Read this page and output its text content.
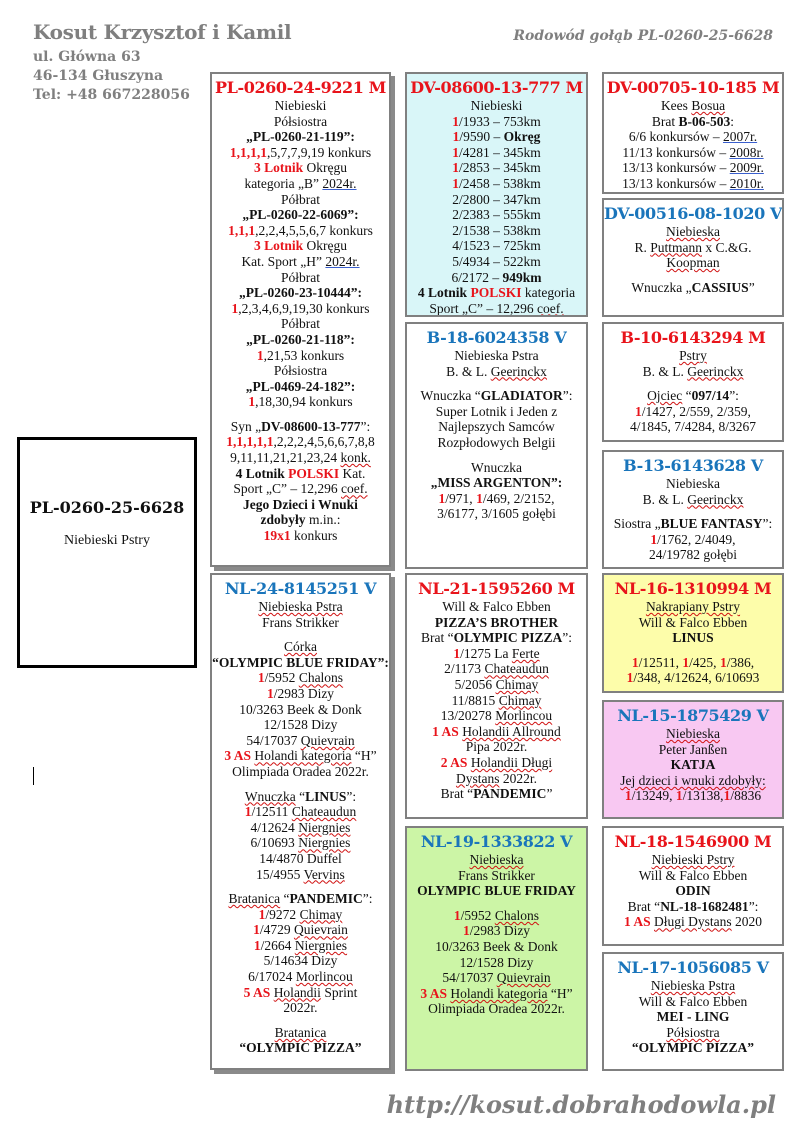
Kosut Krzysztof i Kamil
ul. Główna 63
46-134 Głuszyna
Tel: +48 667228056
Rodowód gołąb PL-0260-25-6628
PL-0260-25-6628
Niebieski Pstry
PL-0260-24-9221 M
Niebieski
Półsiostra
„PL-0260-21-119”:
1,1,1,1,5,7,7,9,19 konkurs
3 Lotnik Okręgu
kategoria „B” 2024r.
Półbrat
„PL-0260-22-6069”:
1,1,1,2,2,4,5,5,6,7 konkurs
3 Lotnik Okręgu
Kat. Sport „H” 2024r.
Półbrat
„PL-0260-23-10444”:
1,2,3,4,6,9,19,30 konkurs
Półbrat
„PL-0260-21-118”:
1,21,53 konkurs
Półsiostra
„PL-0469-24-182”:
1,18,30,94 konkurs
Syn „DV-08600-13-777”:
1,1,1,1,1,2,2,2,4,5,6,6,7,8,8
9,11,11,21,21,23,24 konk.
4 Lotnik POLSKI Kat.
Sport „C” – 12,296 coef.
Jego Dzieci i Wnuki
zdobyły m.in.:
19x1 konkurs
NL-24-8145251 V
Niebieska Pstra
Frans Strikker
Córka
“OLYMPIC BLUE FRIDAY”:
1/5952 Chalons
1/2983 Dizy
10/3263 Beek & Donk
12/1528 Dizy
54/17037 Quievrain
3 AS Holandi kategoria “H”
Olimpiada Oradea 2022r.
Wnuczka “LINUS”:
1/12511 Chateaudun
4/12624 Niergnies
6/10693 Niergnies
14/4870 Duffel
15/4955 Vervins
Bratanica “PANDEMIC”:
1/9272 Chimay
1/4729 Quievrain
1/2664 Niergnies
5/14634 Dizy
6/17024 Morlincou
5 AS Holandii Sprint
2022r.
Bratanica
“OLYMPIC PIZZA”
DV-08600-13-777 M
Niebieski
1/1933 – 753km
1/9590 – Okręg
1/4281 – 345km
1/2853 – 345km
1/2458 – 538km
2/2800 – 347km
2/2383 – 555km
2/1538 – 538km
4/1523 – 725km
5/4934 – 522km
6/2172 – 949km
4 Lotnik POLSKI kategoria
Sport „C” – 12,296 coef.
B-18-6024358 V
Niebieska Pstra
B. & L. Geerinckx
Wnuczka “GLADIATOR”:
Super Lotnik i Jeden z
Najlepszych Samców
Rozpłodowych Belgii
Wnuczka
„MISS ARGENTON”:
1/971, 1/469, 2/2152,
3/6177, 3/1605 gołębi
NL-21-1595260 M
Will & Falco Ebben
PIZZA’S BROTHER
Brat “OLYMPIC PIZZA”:
1/1275 La Ferte
2/1173 Chateaudun
5/2056 Chimay
11/8815 Chimay
13/20278 Morlincou
1 AS Holandii Allround
Pipa 2022r.
2 AS Holandii Długi
Dystans 2022r.
Brat “PANDEMIC”
NL-19-1333822 V
Niebieska
Frans Strikker
OLYMPIC BLUE FRIDAY
1/5952 Chalons
1/2983 Dizy
10/3263 Beek & Donk
12/1528 Dizy
54/17037 Quievrain
3 AS Holandi kategoria “H”
Olimpiada Oradea 2022r.
DV-00705-10-185 M
Kees Bosua
Brat B-06-503:
6/6 konkursów – 2007r.
11/13 konkursów – 2008r.
13/13 konkursów – 2009r.
13/13 konkursów – 2010r.
DV-00516-08-1020 V
Niebieska
R. Puttmann x C.&G.
Koopman
Wnuczka „CASSIUS”
B-10-6143294 M
Pstry
B. & L. Geerinckx
Ojciec “097/14”:
1/1427, 2/559, 2/359,
4/1845, 7/4284, 8/3267
B-13-6143628 V
Niebieska
B. & L. Geerinckx
Siostra „BLUE FANTASY”:
1/1762, 2/4049,
24/19782 gołębi
NL-16-1310994 M
Nakrapiany Pstry
Will & Falco Ebben
LINUS
1/12511, 1/425, 1/386,
1/348, 4/12624, 6/10693
NL-15-1875429 V
Niebieska
Peter Janßen
KATJA
Jej dzieci i wnuki zdobyły:
1/13249, 1/13138,1/8836
NL-18-1546900 M
Niebieski Pstry
Will & Falco Ebben
ODIN
Brat “NL-18-1682481”:
1 AS Długi Dystans 2020
NL-17-1056085 V
Niebieska Pstra
Will & Falco Ebben
MEI - LING
Półsiostra
“OLYMPIC PIZZA”
http://kosut.dobrahodowla.pl
